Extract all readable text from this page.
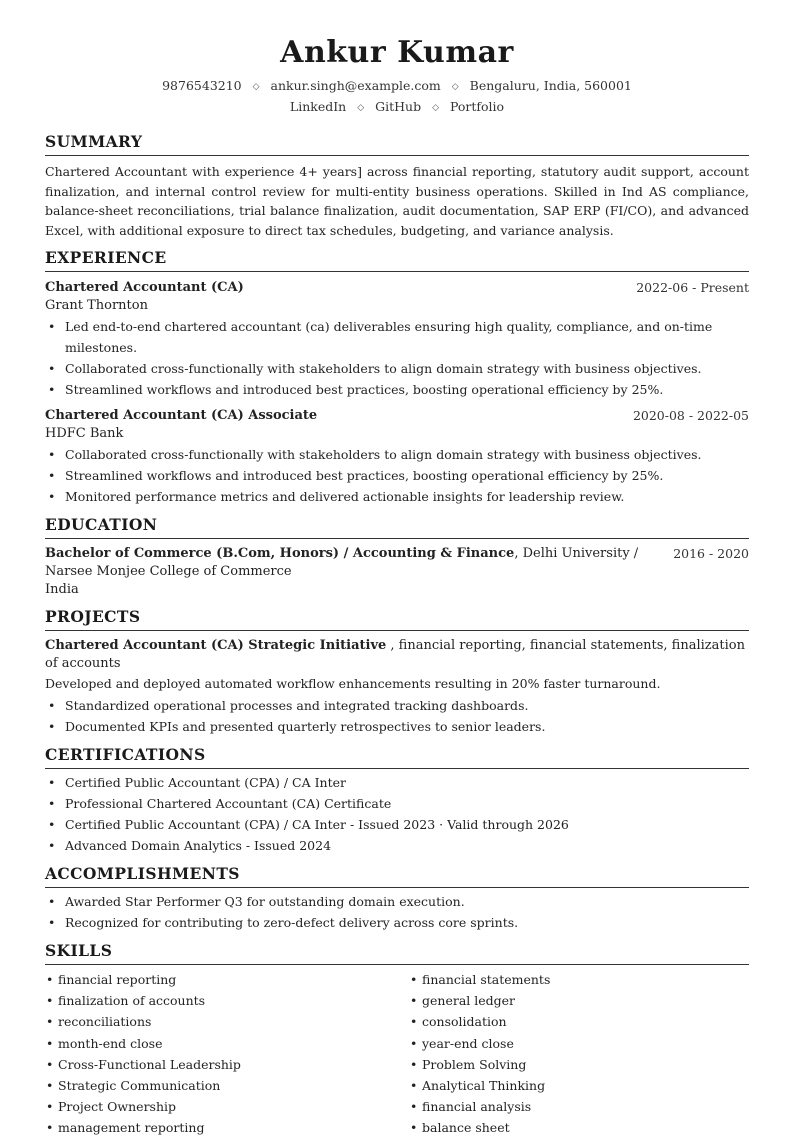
Ankur Kumar
9876543210 ◇ ankur.singh@example.com ◇ Bengaluru, India, 560001
LinkedIn ◇ GitHub ◇ Portfolio
SUMMARY
Chartered Accountant with experience 4+ years] across financial reporting, statutory audit support, account finalization, and internal control review for multi-entity business operations. Skilled in Ind AS compliance, balance-sheet reconciliations, trial balance finalization, audit documentation, SAP ERP (FI/CO), and advanced Excel, with additional exposure to direct tax schedules, budgeting, and variance analysis.
EXPERIENCE
Chartered Accountant (CA)	2022-06 - Present
Grant Thornton
• Led end-to-end chartered accountant (ca) deliverables ensuring high quality, compliance, and on-time milestones.
• Collaborated cross-functionally with stakeholders to align domain strategy with business objectives.
• Streamlined workflows and introduced best practices, boosting operational efficiency by 25%.
Chartered Accountant (CA) Associate	2020-08 - 2022-05
HDFC Bank
• Collaborated cross-functionally with stakeholders to align domain strategy with business objectives.
• Streamlined workflows and introduced best practices, boosting operational efficiency by 25%.
• Monitored performance metrics and delivered actionable insights for leadership review.
EDUCATION
Bachelor of Commerce (B.Com, Honors) / Accounting & Finance, Delhi University / Narsee Monjee College of Commerce
2016 - 2020
India
PROJECTS
Chartered Accountant (CA) Strategic Initiative , financial reporting, financial statements, finalization of accounts
Developed and deployed automated workflow enhancements resulting in 20% faster turnaround.
• Standardized operational processes and integrated tracking dashboards.
• Documented KPIs and presented quarterly retrospectives to senior leaders.
CERTIFICATIONS
• Certified Public Accountant (CPA) / CA Inter
• Professional Chartered Accountant (CA) Certificate
• Certified Public Accountant (CPA) / CA Inter - Issued 2023 · Valid through 2026
• Advanced Domain Analytics - Issued 2024
ACCOMPLISHMENTS
• Awarded Star Performer Q3 for outstanding domain execution.
• Recognized for contributing to zero-defect delivery across core sprints.
SKILLS
• financial reporting
• finalization of accounts
• reconciliations
• month-end close
• Cross-Functional Leadership
• Strategic Communication
• Project Ownership
• management reporting
• financial statements
• general ledger
• consolidation
• year-end close
• Problem Solving
• Analytical Thinking
• financial analysis
• balance sheet
